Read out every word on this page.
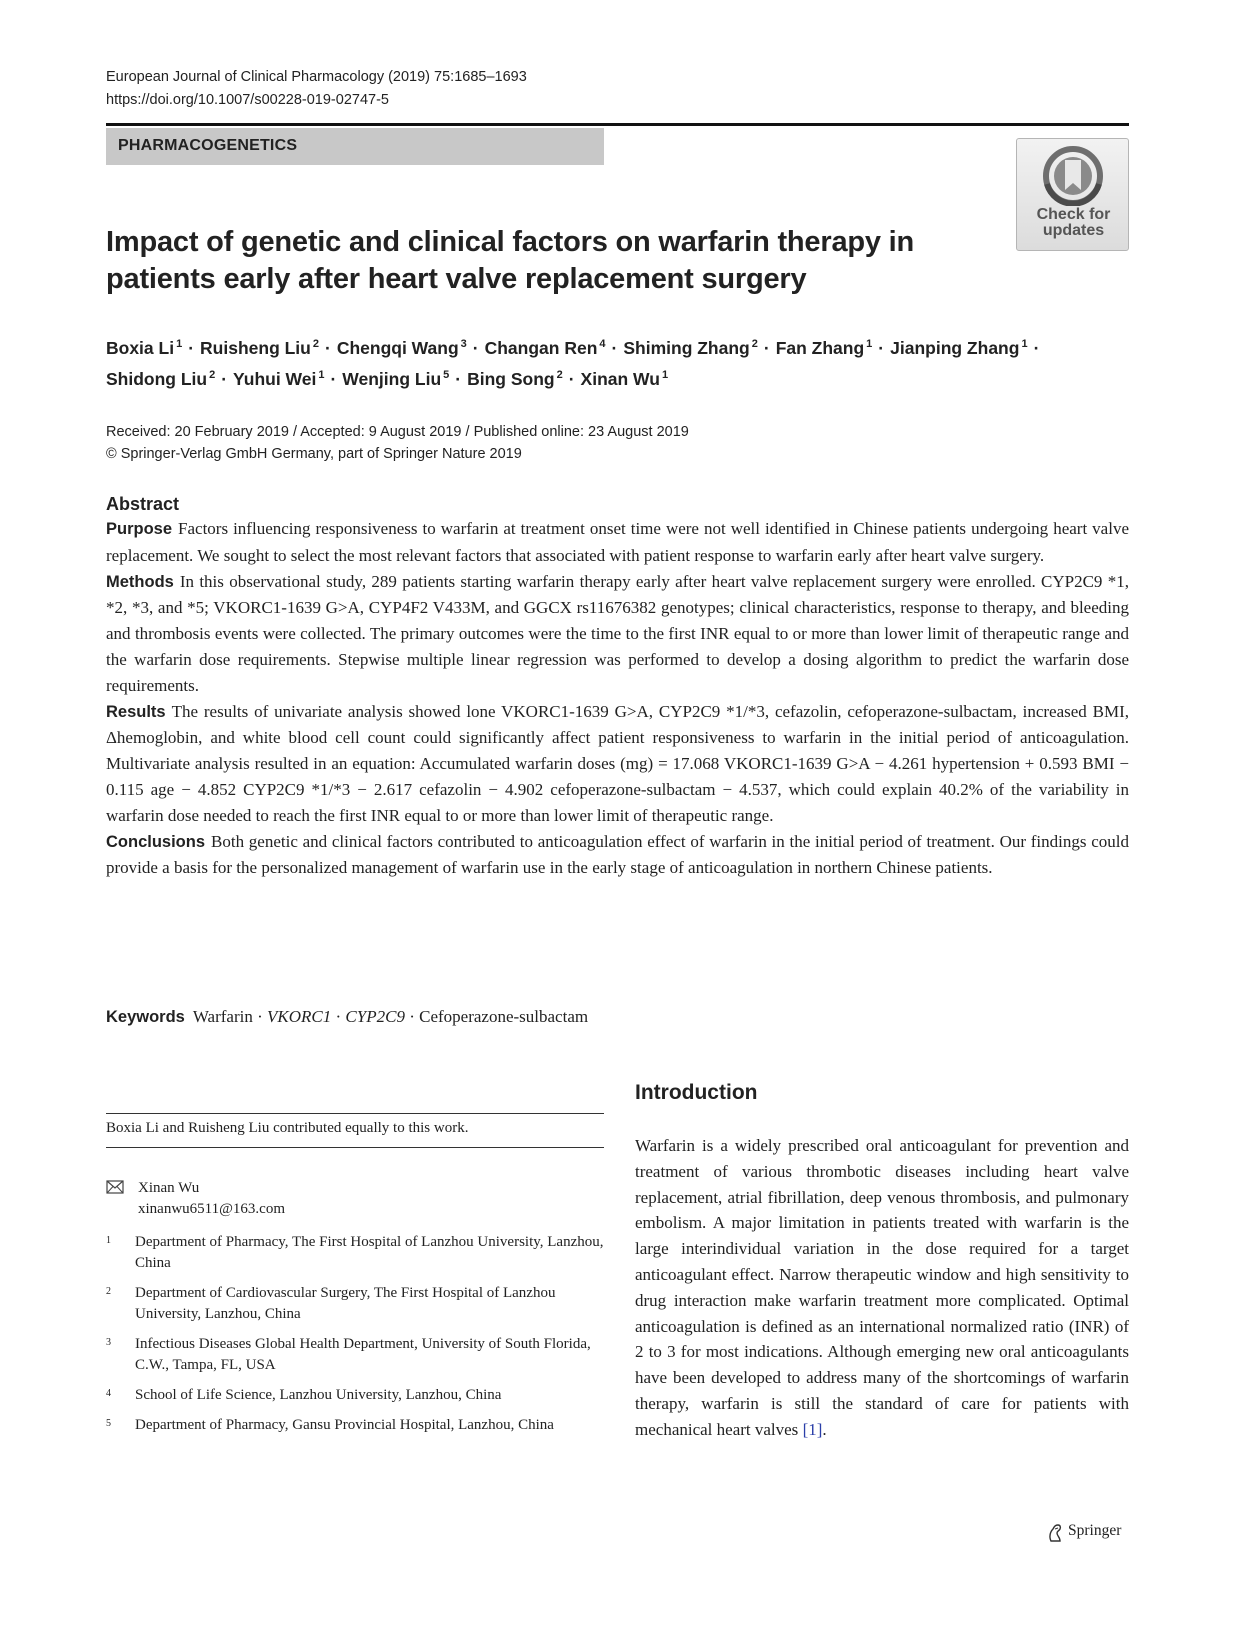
European Journal of Clinical Pharmacology (2019) 75:1685–1693
https://doi.org/10.1007/s00228-019-02747-5
PHARMACOGENETICS
Check for
updates
Impact of genetic and clinical factors on warfarin therapy in patients early after heart valve replacement surgery
Boxia Li $^1$ · Ruisheng Liu $^2$ · Chengqi Wang $^3$ · Changan Ren $^4$ · Shiming Zhang $^2$ · Fan Zhang $^1$ · Jianping Zhang $^1$ ·
Shidong Liu $^2$ · Yuhui Wei $^1$ · Wenjing Liu $^5$ · Bing Song $^2$ · Xinan Wu $^1$
Received: 20 February 2019 / Accepted: 9 August 2019 / Published online: 23 August 2019
© Springer-Verlag GmbH Germany, part of Springer Nature 2019
Abstract

Purpose Factors influencing responsiveness to warfarin at treatment onset time were not well identified in Chinese patients undergoing heart valve replacement. We sought to select the most relevant factors that associated with patient response to warfarin early after heart valve surgery.

Methods In this observational study, 289 patients starting warfarin therapy early after heart valve replacement surgery were enrolled. CYP2C9 *1, *2, *3, and *5; VKORC1-1639 G>A, CYP4F2 V433M, and GGCX rs11676382 genotypes; clinical characteristics, response to therapy, and bleeding and thrombosis events were collected. The primary outcomes were the time to the first INR equal to or more than lower limit of therapeutic range and the warfarin dose requirements. Stepwise multiple linear regression was performed to develop a dosing algorithm to predict the warfarin dose requirements.

Results The results of univariate analysis showed lone VKORC1-1639 G>A, CYP2C9 *1/*3, cefazolin, cefoperazone-sulbactam, increased BMI, Δhemoglobin, and white blood cell count could significantly affect patient responsiveness to warfarin in the initial period of anticoagulation. Multivariate analysis resulted in an equation: Accumulated warfarin doses (mg) = 17.068 VKORC1-1639 G>A − 4.261 hypertension + 0.593 BMI − 0.115 age − 4.852 CYP2C9 *1/*3 − 2.617 cefazolin − 4.902 cefoperazone-sulbactam − 4.537, which could explain 40.2% of the variability in warfarin dose needed to reach the first INR equal to or more than lower limit of therapeutic range.

Conclusions Both genetic and clinical factors contributed to anticoagulation effect of warfarin in the initial period of treatment. Our findings could provide a basis for the personalized management of warfarin use in the early stage of anticoagulation in northern Chinese patients.

Keywords Warfarin · VKORC1 · CYP2C9 · Cefoperazone-sulbactam
Boxia Li and Ruisheng Liu contributed equally to this work.
Xinan Wu
xinanwu6511@163.com
1 Department of Pharmacy, The First Hospital of Lanzhou University, Lanzhou, China
2 Department of Cardiovascular Surgery, The First Hospital of Lanzhou University, Lanzhou, China
3 Infectious Diseases Global Health Department, University of South Florida, C.W., Tampa, FL, USA
4 School of Life Science, Lanzhou University, Lanzhou, China
5 Department of Pharmacy, Gansu Provincial Hospital, Lanzhou, China
Introduction

Warfarin is a widely prescribed oral anticoagulant for prevention and treatment of various thrombotic diseases including heart valve replacement, atrial fibrillation, deep venous thrombosis, and pulmonary embolism. A major limitation in patients treated with warfarin is the large interindividual variation in the dose required for a target anticoagulant effect. Narrow therapeutic window and high sensitivity to drug interaction make warfarin treatment more complicated. Optimal anticoagulation is defined as an international normalized ratio (INR) of 2 to 3 for most indications. Although emerging new oral anticoagulants have been developed to address many of the shortcomings of warfarin therapy, warfarin is still the standard of care for patients with mechanical heart valves [1].

Springer
